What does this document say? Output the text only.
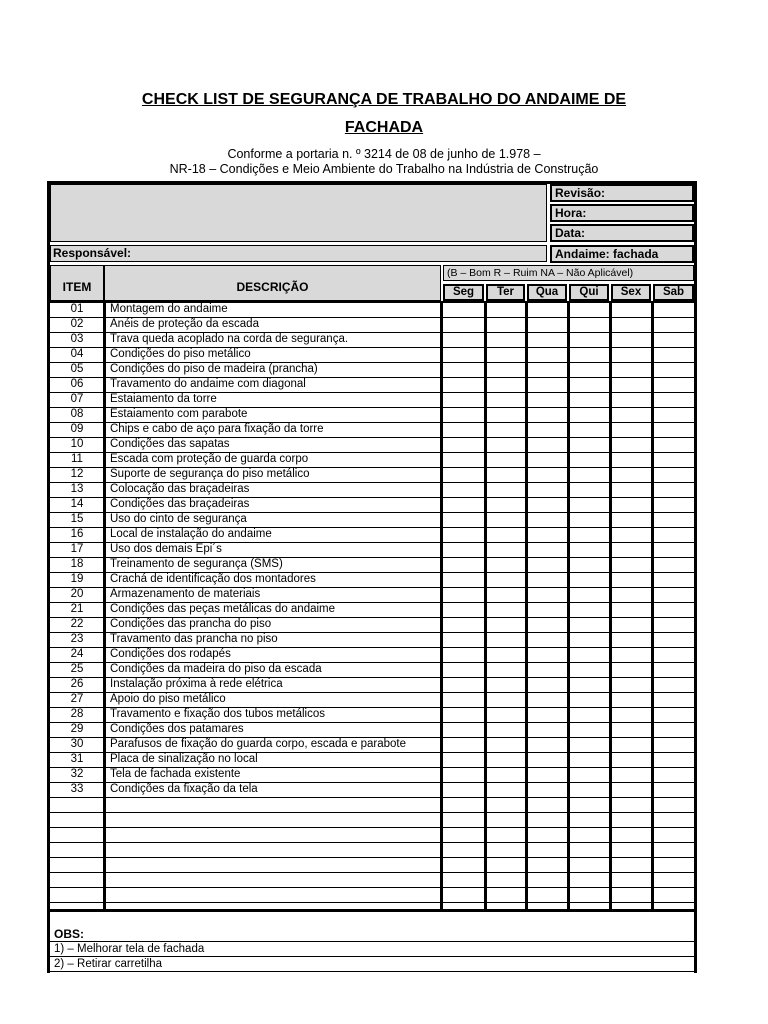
CHECK LIST DE SEGURANÇA DE TRABALHO DO ANDAIME DE
FACHADA
Conforme a portaria n. º 3214 de 08 de junho de 1.978 –
NR-18 – Condições e Meio Ambiente do Trabalho na Indústria de Construção
Revisão:
Hora:
Data:
Responsável:	Andaime: fachada
ITEM	DESCRIÇÃO
(B – Bom R – Ruim NA – Não Aplicável)
Seg	Ter	Qua	Qui	Sex	Sab
01	Montagem do andaime
02	Anéis de proteção da escada
03	Trava queda acoplado na corda de segurança.
04	Condições do piso metálico
05	Condições do piso de madeira (prancha)
06	Travamento do andaime com diagonal
07	Estaiamento da torre
08	Estaiamento com parabote
09	Chips e cabo de aço para fixação da torre
10	Condições das sapatas
11	Escada com proteção de guarda corpo
12	Suporte de segurança do piso metálico
13	Colocação das braçadeiras
14	Condições das braçadeiras
15	Uso do cinto de segurança
16	Local de instalação do andaime
17	Uso dos demais Epi´s
18	Treinamento de segurança (SMS)
19	Crachá de identificação dos montadores
20	Armazenamento de materiais
21	Condições das peças metálicas do andaime
22	Condições das prancha do piso
23	Travamento das prancha no piso
24	Condições dos rodapés
25	Condições da madeira do piso da escada
26	Instalação próxima à rede elétrica
27	Apoio do piso metálico
28	Travamento e fixação dos tubos metálicos
29	Condições dos patamares
30	Parafusos de fixação do guarda corpo, escada e parabote
31	Placa de sinalização no local
32	Tela de fachada existente
33	Condições da fixação da tela
OBS:
1) – Melhorar tela de fachada
2) – Retirar carretilha
